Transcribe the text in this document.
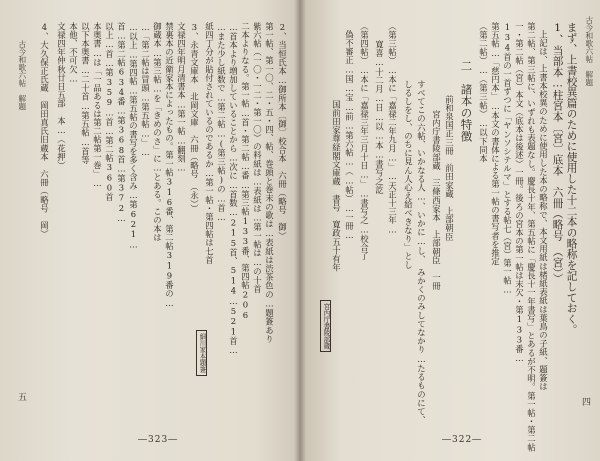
古今和歌六帖　解題
四
まず、上書校異篇のために使用した十二本の略称を記しておく。
1、当部本…柱宮本〔宮〕底本　六冊（略号　（宮））
上記は、上書本校異のために使用した本の略称で、本文用紙は楮紙表紙は葉鳥の子紙、題簽は
第二帖、第三帖に、いずれも表題なし。慶長十年、第五帖に「慶長十一年書写」とあるが不明。第一帖・第二帖
一・第二帖（宮）本文（底本は後述）一冊。後ろの宮本の第一帖は末欠・第133番…
134首の一首ずつに「ヤンソシテルマ」とする帖七（宮）第一帖…
第五帖…「慈円本」…本文の書体による第一帖の書写者を推定
（第二帖）…（第三帖）…以下同本
二　諸本の特徴
前和泉国正三冊　前田家蔵　上部朝臣
宮内庁書陵部蔵　三條西家本　上部朝臣　一冊
すべてこの六帖、いかなる人…、いかに…し、　みかくのみしてなかり…たるものにて、
しるしをし、のちに見ん人心え給べきなり」とし
（第三帖）…本に「嘉禄二年九月…」…天正十三年…
寛喜…十二月…日…以…本…書写之訖
（第四帖）…本に「嘉禄三年三月十日…」…書写之…校合了
偽不審正…国…宝…前…第六帖…（…帖）…一冊…
国前田家尊経閣文庫蔵　書号　寛政五十有年
宮内庁書陵部蔵
―322―
古今和歌六帖　解題
五
2、当恒氏本…御所本〔御〕校合本　六冊（略号　御）
第一帖、第一〇、二・五・四、帖、巻頭と巻末の歌は…表紙は渋茶色の…題簽あり
紫六帖（一〇・一二・第一〇）の料紙は…表紙は…第一帖は…の十首
二本よりなる。第一帖…首・第二帖…番…第三帖133番、第四帖206
…首本より増加していることから…次に…首数…215首、514…521首…
…また少し紙数で…第二帖…(第三帖)の…首…
紙四丁分が貼付されているのであるか…第一帖・第四帖は七首
3、永青文庫本　北岡文庫　六冊（略号　（永））
文禄四年明月清書本…第一帖…翻刻…
禁裏本の近衛家本によったもの。第一帖316番、第二帖319番の…
御蔵本…第三帖…を「きめのさ」に…とある。この本は
…「第二帖は冒頭…第五帖…」…
…以上…第四帖…第五帖の書写を多く含み…第621…
首…第二帖634番…第368首…第372…
以上…首…第359…首…第二帖360首
本奥書…は「一品あるは第二帖第一巻」…
以下本奥書…二十首…第五帖…首等
本他、不可欠…
文禄四年仲秋廿日五部　本…（花押）
4、大久保正氏蔵　岡田真氏旧蔵本　六冊（略号　岡）
細川家本題簽
―323―
